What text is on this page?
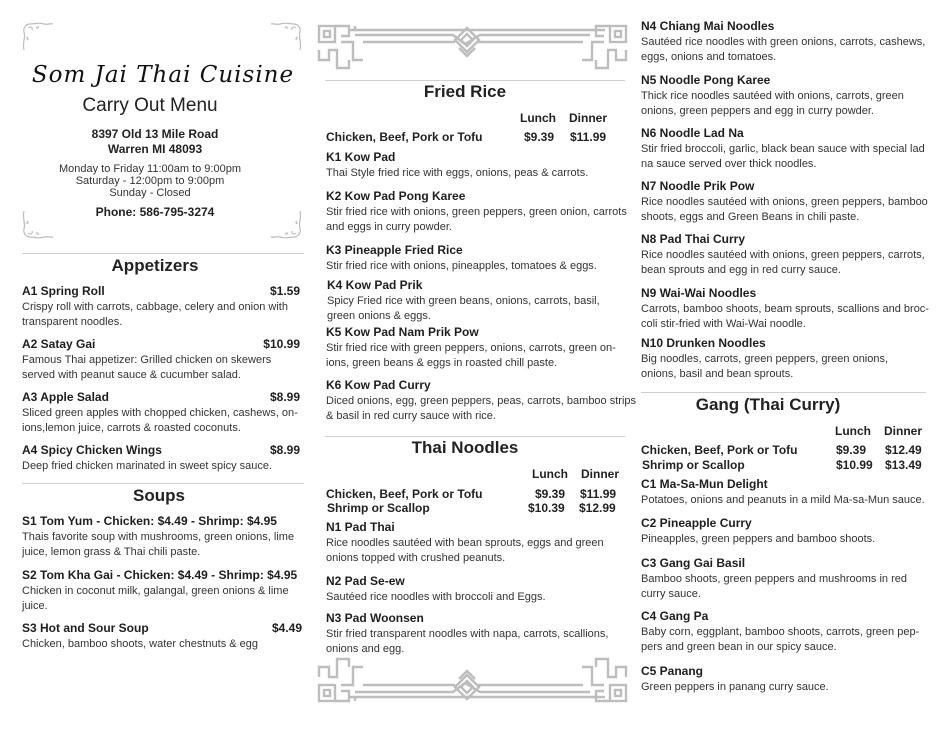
Som Jai Thai Cuisine
Carry Out Menu
8397 Old 13 Mile Road
Warren MI 48093
Monday to Friday 11:00am to 9:00pm
Saturday - 12:00pm to 9:00pm
Sunday - Closed
Phone: 586-795-3274
Appetizers
A1 Spring Roll	$1.59
Crispy roll with carrots, cabbage, celery and onion with transparent noodles.
A2 Satay Gai	$10.99
Famous Thai appetizer: Grilled chicken on skewers served with peanut sauce & cucumber salad.
A3 Apple Salad	$8.99
Sliced green apples with chopped chicken, cashews, on-ions,lemon juice, carrots & roasted coconuts.
A4 Spicy Chicken Wings	$8.99
Deep fried chicken marinated in sweet spicy sauce.
Soups
S1 Tom Yum - Chicken: $4.49 - Shrimp: $4.95
Thais favorite soup with mushrooms, green onions, lime juice, lemon grass & Thai chili paste.
S2 Tom Kha Gai - Chicken: $4.49 - Shrimp: $4.95
Chicken in coconut milk, galangal, green onions & lime juice.
S3 Hot and Sour Soup	$4.49
Chicken, bamboo shoots, water chestnuts & egg
Fried Rice
Lunch Dinner
Chicken, Beef, Pork or Tofu	$9.39 $11.99
K1 Kow Pad
Thai Style fried rice with eggs, onions, peas & carrots.
K2 Kow Pad Pong Karee
Stir fried rice with onions, green peppers, green onion, carrots and eggs in curry powder.
K3 Pineapple Fried Rice
Stir fried rice with onions, pineapples, tomatoes & eggs.
K4 Kow Pad Prik
Spicy Fried rice with green beans, onions, carrots, basil, green onions & eggs.
K5 Kow Pad Nam Prik Pow
Stir fried rice with green peppers, onions, carrots, green on-ions, green beans & eggs in roasted chill paste.
K6 Kow Pad Curry
Diced onions, egg, green peppers, peas, carrots, bamboo strips & basil in red curry sauce with rice.
Thai Noodles
Lunch Dinner
Chicken, Beef, Pork or Tofu	$9.39 $11.99
Shrimp or Scallop	$10.39 $12.99
N1 Pad Thai
Rice noodles sautéed with bean sprouts, eggs and green onions topped with crushed peanuts.
N2 Pad Se-ew
Sautéed rice noodles with broccoli and Eggs.
N3 Pad Woonsen
Stir fried transparent noodles with napa, carrots, scallions, onions and egg.
N4 Chiang Mai Noodles
Sautéed rice noodles with green onions, carrots, cashews, eggs, onions and tomatoes.
N5 Noodle Pong Karee
Thick rice noodles sautéed with onions, carrots, green onions, green peppers and egg in curry powder.
N6 Noodle Lad Na
Stir fried broccoli, garlic, black bean sauce with special lad na sauce served over thick noodles.
N7 Noodle Prik Pow
Rice noodles sautéed with onions, green peppers, bamboo shoots, eggs and Green Beans in chili paste.
N8 Pad Thai Curry
Rice noodles sautéed with onions, green peppers, carrots, bean sprouts and egg in red curry sauce.
N9 Wai-Wai Noodles
Carrots, bamboo shoots, beam sprouts, scallions and broc-coli stir-fried with Wai-Wai noodle.
N10 Drunken Noodles
Big noodles, carrots, green peppers, green onions, onions, basil and bean sprouts.
Gang (Thai Curry)
Lunch Dinner
Chicken, Beef, Pork or Tofu	$9.39 $12.49
Shrimp or Scallop	$10.99 $13.49
C1 Ma-Sa-Mun Delight
Potatoes, onions and peanuts in a mild Ma-sa-Mun sauce.
C2 Pineapple Curry
Pineapples, green peppers and bamboo shoots.
C3 Gang Gai Basil
Bamboo shoots, green peppers and mushrooms in red curry sauce.
C4 Gang Pa
Baby corn, eggplant, bamboo shoots, carrots, green pep-pers and green bean in our spicy sauce.
C5 Panang
Green peppers in panang curry sauce.
